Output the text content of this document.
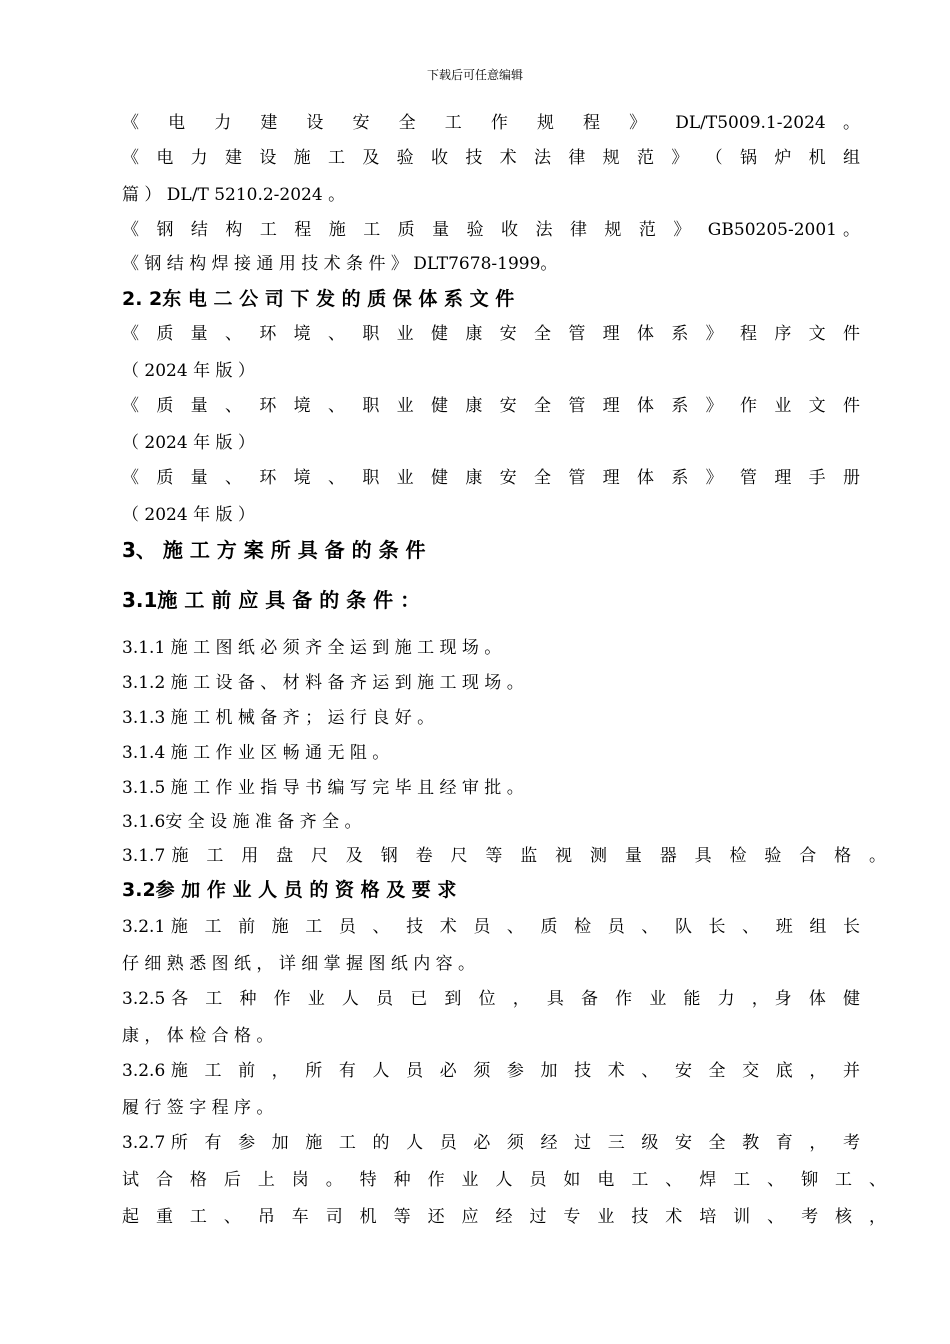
下载后可任意编辑

《 电 力 建 设 安 全 工 作 规 程 》 DL/T5009.1-2024 。

《 电 力 建 设 施 工 及 验 收 技 术 法 律 规 范 》 （ 锅 炉 机 组

篇 ） DL/T 5210.2-2024 。

《 钢 结 构 工 程 施 工 质 量 验 收 法 律 规 范 》 GB50205-2001。

《 钢 结 构 焊 接 通 用 技 术 条 件 》 DLT7678-1999。

2. 2东 电 二 公 司 下 发 的 质 保 体 系 文 件

《 质 量 、 环 境 、 职 业 健 康 安 全 管 理 体 系 》 程 序 文 件

（ 2024 年 版 ）

《 质 量 、 环 境 、 职 业 健 康 安 全 管 理 体 系 》 作 业 文 件

（ 2024 年 版 ）

《 质 量 、 环 境 、 职 业 健 康 安 全 管 理 体 系 》 管 理 手 册

（ 2024 年 版 ）

3、 施 工 方 案 所 具 备 的 条 件

3.1施 工 前 应 具 备 的 条 件 ：

3.1.1 施 工 图 纸 必 须 齐 全 运 到 施 工 现 场 。

3.1.2 施 工 设 备 、 材 料 备 齐 运 到 施 工 现 场 。

3.1.3 施 工 机 械 备 齐 ； 运 行 良 好 。

3.1.4 施 工 作 业 区 畅 通 无 阻 。

3.1.5 施 工 作 业 指 导 书 编 写 完 毕 且 经 审 批 。

3.1.6安 全 设 施 准 备 齐 全 。

3.1.7施 工 用 盘 尺 及 钢 卷 尺 等 监 视 测 量 器 具 检 验 合 格 。

3.2参 加 作 业 人 员 的 资 格 及 要 求

3.2.1施 工 前 施 工 员 、 技 术 员 、 质 检 员 、 队 长 、 班 组 长

仔 细 熟 悉 图 纸 ， 详 细 掌 握 图 纸 内 容 。

3.2.5各 工 种 作 业 人 员 已 到 位 ， 具 备 作 业 能 力 ，身 体 健

康 ， 体 检 合 格 。

3.2.6施 工 前 ， 所 有 人 员 必 须 参 加 技 术 、 安 全 交 底 ， 并

履 行 签 字 程 序 。

3.2.7所 有 参 加 施 工 的 人 员 必 须 经 过 三 级 安 全 教 育 ， 考

试 合 格 后 上 岗 。 特 种 作 业 人 员 如 电 工 、 焊 工 、 铆 工 、

起 重 工 、 吊 车 司 机 等 还 应 经 过 专 业 技 术 培 训 、 考 核 ，
